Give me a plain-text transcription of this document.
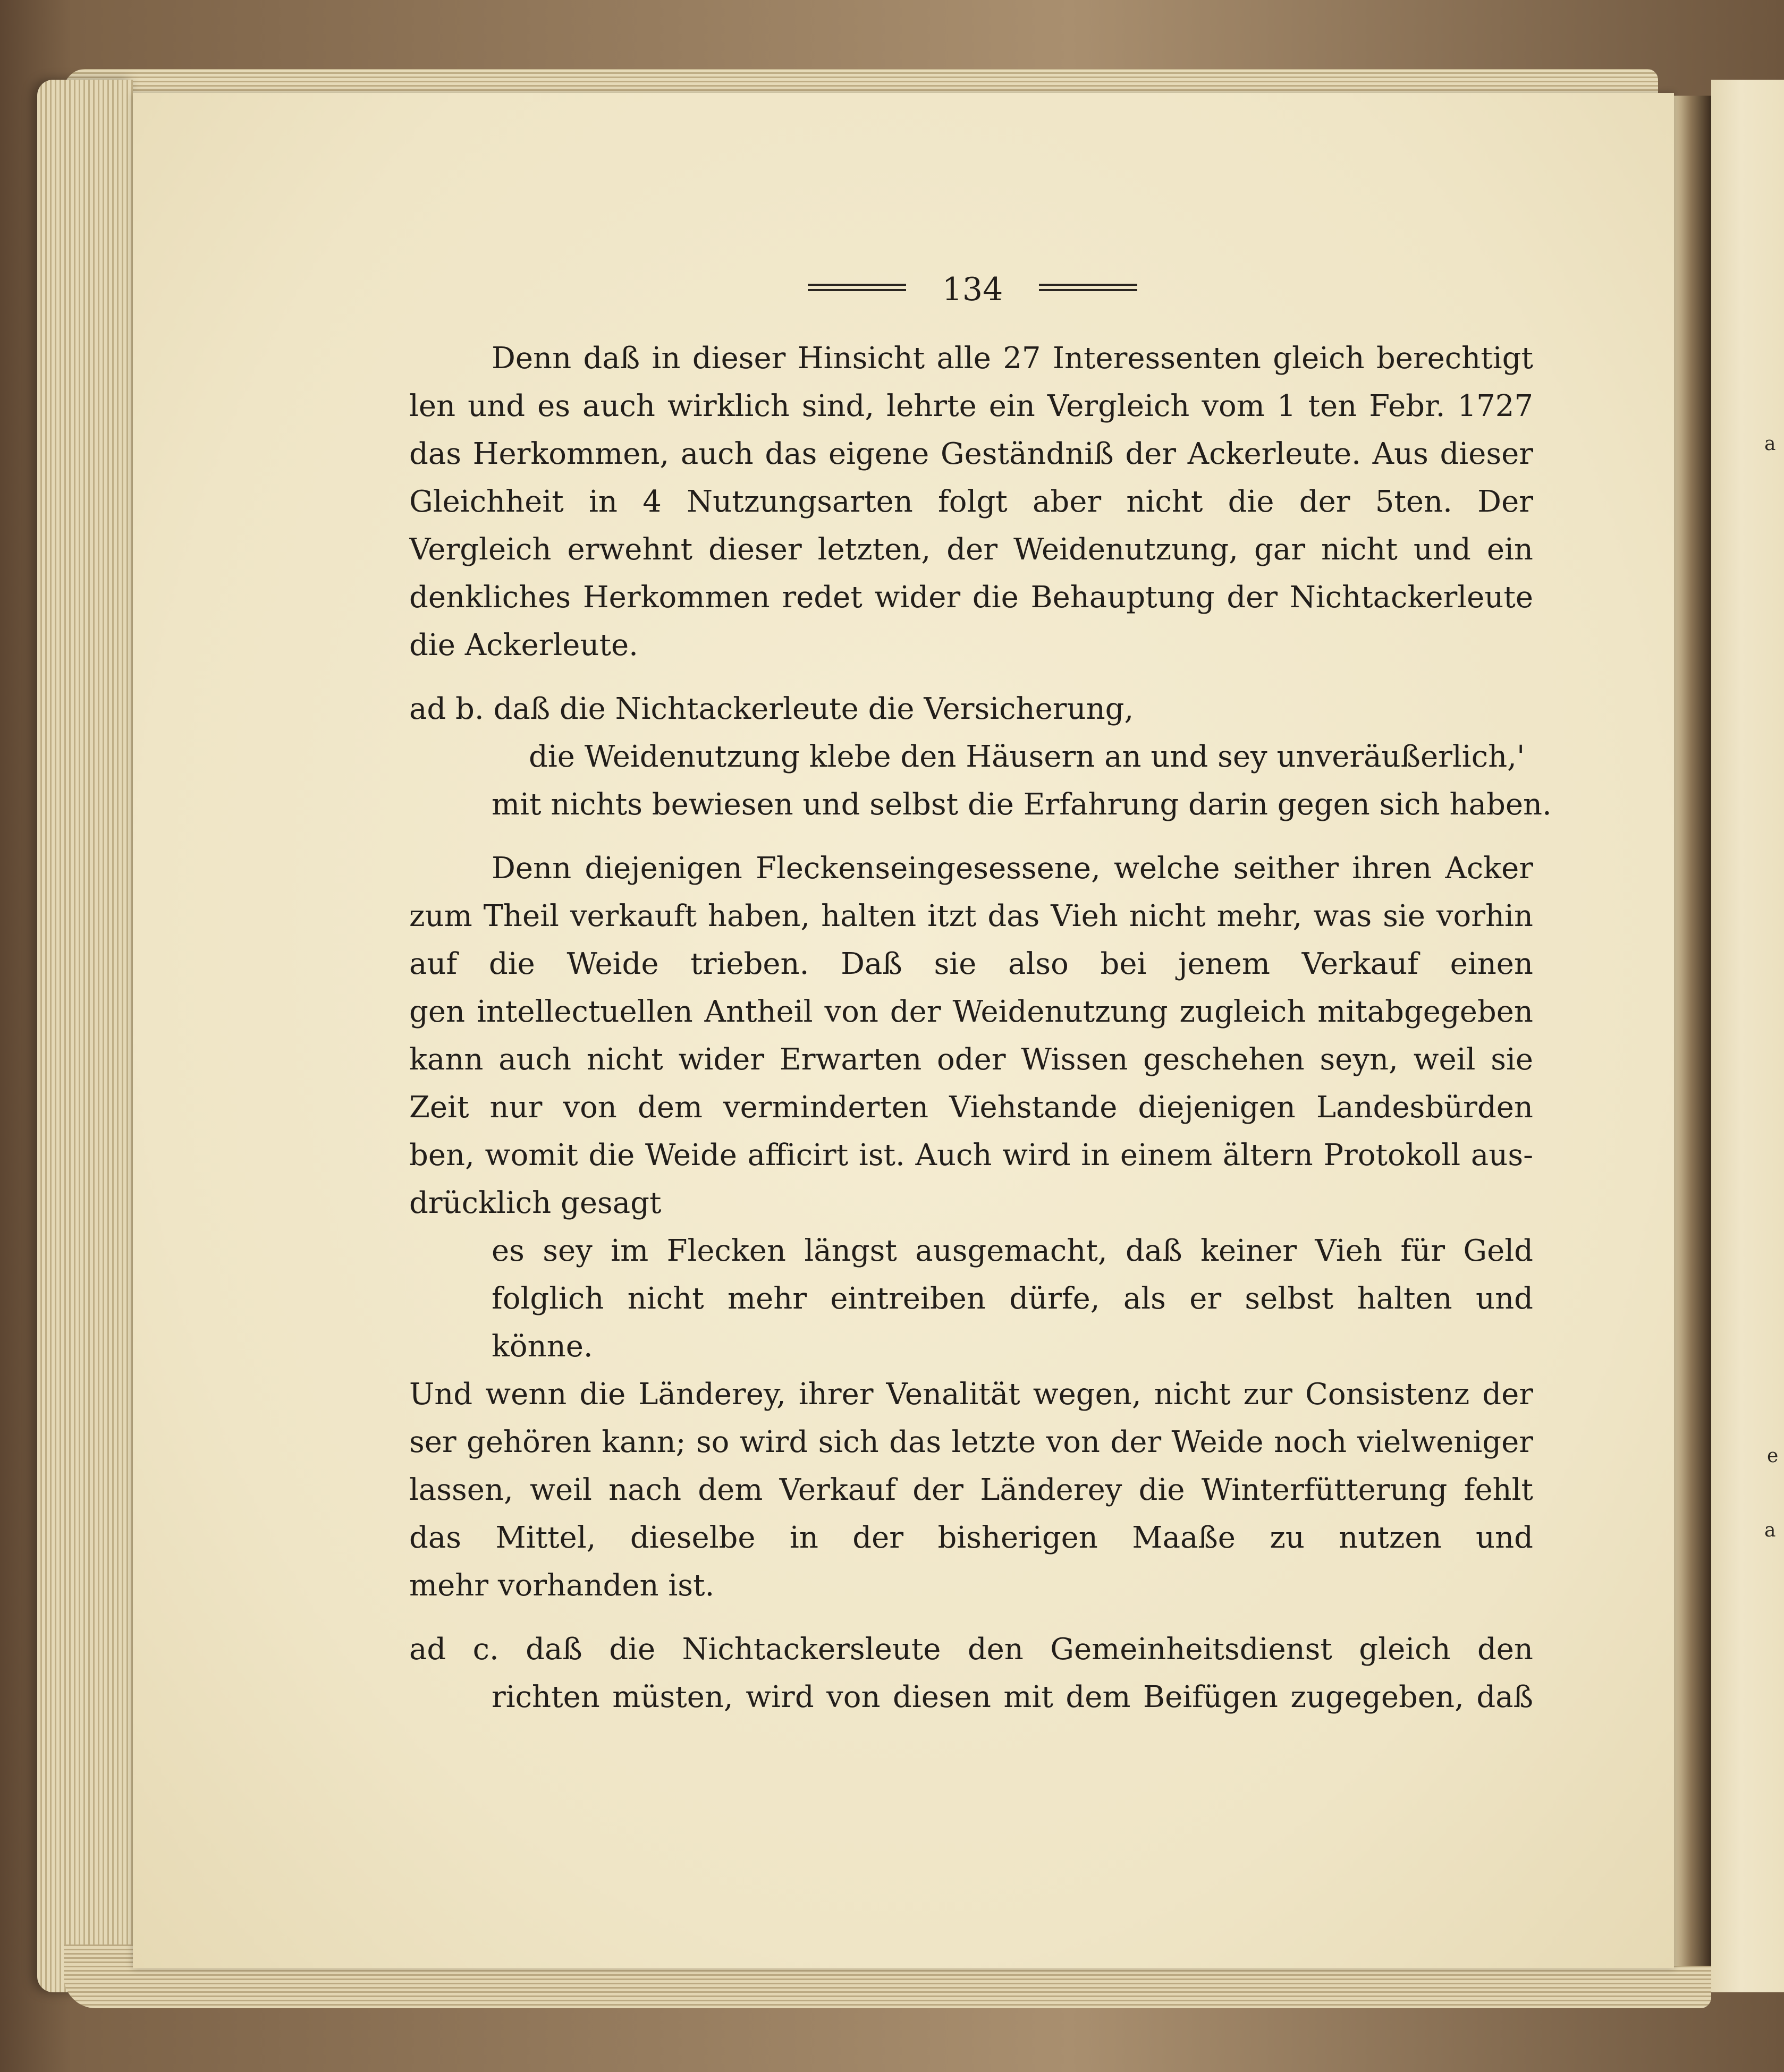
a
e
a
134
Denn daß in dieser Hinsicht alle 27 Interessenten gleich berechtigt
len und es auch wirklich sind, lehrte ein Vergleich vom 1 ten Febr. 1727
das Herkommen, auch das eigene Geständniß der Ackerleute. Aus dieser
Gleichheit in 4 Nutzungsarten folgt aber nicht die der 5ten. Der
Vergleich erwehnt dieser letzten, der Weidenutzung, gar nicht und ein
denkliches Herkommen redet wider die Behauptung der Nichtackerleute
die Ackerleute.
ad b. daß die Nichtackerleute die Versicherung,
die Weidenutzung klebe den Häusern an und sey unveräußerlich,'
mit nichts bewiesen und selbst die Erfahrung darin gegen sich haben.
Denn diejenigen Fleckenseingesessene, welche seither ihren Acker
zum Theil verkauft haben, halten itzt das Vieh nicht mehr, was sie vorhin
auf die Weide trieben. Daß sie also bei jenem Verkauf einen
gen intellectuellen Antheil von der Weidenutzung zugleich mitabgegeben
kann auch nicht wider Erwarten oder Wissen geschehen seyn, weil sie
Zeit nur von dem verminderten Viehstande diejenigen Landesbürden
ben, womit die Weide afficirt ist. Auch wird in einem ältern Protokoll aus-
drücklich gesagt
es sey im Flecken längst ausgemacht, daß keiner Vieh für Geld
folglich nicht mehr eintreiben dürfe, als er selbst halten und
könne.
Und wenn die Länderey, ihrer Venalität wegen, nicht zur Consistenz der
ser gehören kann; so wird sich das letzte von der Weide noch vielweniger
lassen, weil nach dem Verkauf der Länderey die Winterfütterung fehlt
das Mittel, dieselbe in der bisherigen Maaße zu nutzen und
mehr vorhanden ist.
ad c. daß die Nichtackersleute den Gemeinheitsdienst gleich den
richten müsten, wird von diesen mit dem Beifügen zugegeben, daß
